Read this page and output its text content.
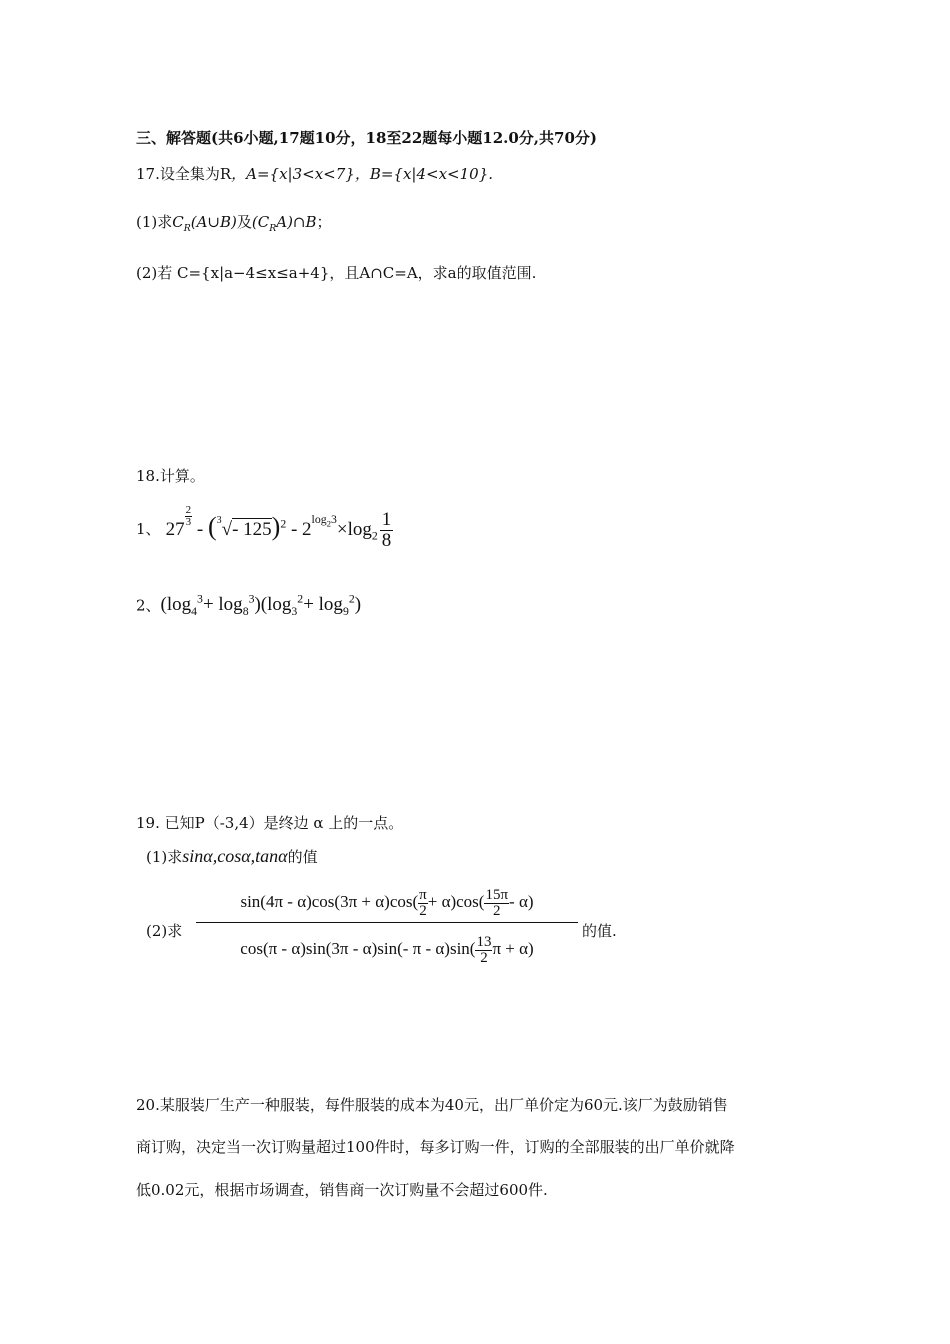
三、解答题(共6小题,17题10分，18至22题每小题12.0分,共70分)
17.设全集为R，A={x|3<x<7}，B={x|4<x<10}.
(1)求$C_R(A\cup B)$及$(C_RA)\cap B$；
(2)若 C={x|a−4≤x≤a+4}，且A∩C=A，求a的取值范围.
18.计算。
1、 27
$\frac{2}{3}$
- ($^3$√- $125)^2 - 2^{log_23}\times\log_2 \frac{1}{8}$
2、$(\log_4^3+ \log_8^3)(\log_3^2+ \log_9^2)$
19. 已知P（-3,4）是终边 α 上的一点。
(1)求sinα,cosα,tanα的值
(2)求 $\frac{\sin(4\pi - \alpha)\cos(3\pi + \alpha)\cos( \frac{\pi}{2} + \alpha)\cos( \frac{15\pi}{2} - \alpha)}{\cos(\pi - \alpha)\sin(3\pi - \alpha)\sin(- \pi - \alpha)\sin( \frac{13}{2} \pi + \alpha)}$ 的值.
20.某服装厂生产一种服装，每件服装的成本为40元，出厂单价定为60元.该厂为鼓励销售
商订购，决定当一次订购量超过100件时，每多订购一件，订购的全部服装的出厂单价就降
低0.02元，根据市场调查，销售商一次订购量不会超过600件.
